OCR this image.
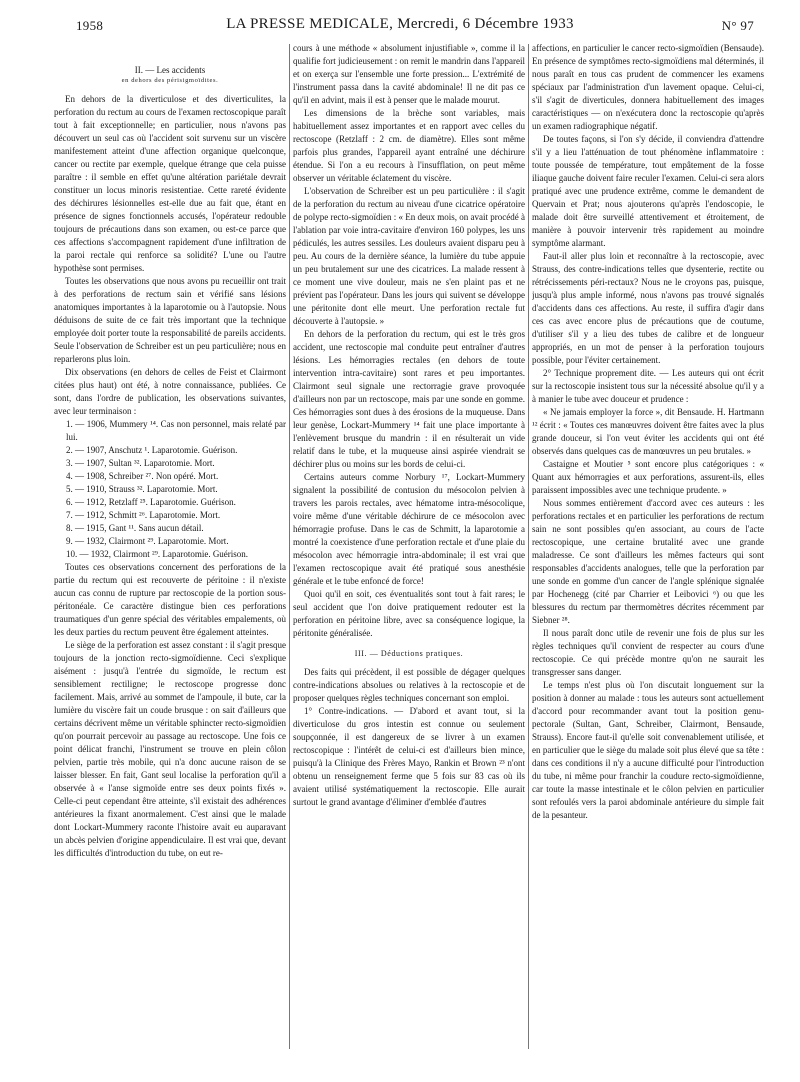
1958	LA PRESSE MEDICALE, Mercredi, 6 Décembre 1933	N° 97
II. — Les accidents
en dehors des périsigmoïdites.

En dehors de la diverticulose et des diverticulites, la perforation du rectum au cours de l'examen rectoscopique paraît tout à fait exceptionnelle; en particulier, nous n'avons pas découvert un seul cas où l'accident soit survenu sur un viscère manifestement atteint d'une affection organique quelconque, cancer ou rectite par exemple, quelque étrange que cela puisse paraître : il semble en effet qu'une altération pariétale devrait constituer un locus minoris resistentiae. Cette rareté évidente des déchirures lésionnelles est-elle due au fait que, étant en présence de signes fonctionnels accusés, l'opérateur redouble toujours de précautions dans son examen, ou est-ce parce que ces affections s'accompagnent rapidement d'une infiltration de la paroi rectale qui renforce sa solidité? L'une ou l'autre hypothèse sont permises.

Toutes les observations que nous avons pu recueillir ont trait à des perforations de rectum sain et vérifié sans lésions anatomiques importantes à la laparotomie ou à l'autopsie. Nous déduisons de suite de ce fait très important que la technique employée doit porter toute la responsabilité de pareils accidents. Seule l'observation de Schreiber est un peu particulière; nous en reparlerons plus loin.

Dix observations (en dehors de celles de Feist et Clairmont citées plus haut) ont été, à notre connaissance, publiées. Ce sont, dans l'ordre de publication, les observations suivantes, avec leur terminaison :

1. — 1906, Mummery ¹⁴. Cas non personnel, mais relaté par lui.

2. — 1907, Anschutz ¹. Laparotomie. Guérison.

3. — 1907, Sultan ³². Laparotomie. Mort.

4. — 1908, Schreiber ²⁷. Non opéré. Mort.

5. — 1910, Strauss ³². Laparotomie. Mort.

6. — 1912, Retzlaff ²⁵. Laparotomie. Guérison.

7. — 1912, Schmitt ²⁶. Laparotomie. Mort.

8. — 1915, Gant ¹¹. Sans aucun détail.

9. — 1932, Clairmont ²⁹. Laparotomie. Mort.

10. — 1932, Clairmont ²⁹. Laparotomie. Guérison.

Toutes ces observations concernent des perforations de la partie du rectum qui est recouverte de péritoine : il n'existe aucun cas connu de rupture par rectoscopie de la portion sous-péritonéale. Ce caractère distingue bien ces perforations traumatiques d'un genre spécial des véritables empalements, où les deux parties du rectum peuvent être également atteintes.

Le siège de la perforation est assez constant : il s'agit presque toujours de la jonction recto-sigmoïdienne. Ceci s'explique aisément : jusqu'à l'entrée du sigmoïde, le rectum est sensiblement rectiligne; le rectoscope progresse donc facilement. Mais, arrivé au sommet de l'ampoule, il bute, car la lumière du viscère fait un coude brusque : on sait d'ailleurs que certains décrivent même un véritable sphincter recto-sigmoïdien qu'on pourrait percevoir au passage au rectoscope. Une fois ce point délicat franchi, l'instrument se trouve en plein côlon pelvien, partie très mobile, qui n'a donc aucune raison de se laisser blesser. En fait, Gant seul localise la perforation qu'il a observée à « l'anse sigmoïde entre ses deux points fixés ». Celle-ci peut cependant être atteinte, s'il existait des adhérences antérieures la fixant anormalement. C'est ainsi que le malade dont Lockart-Mummery raconte l'histoire avait eu auparavant un abcès pelvien d'origine appendiculaire. Il est vrai que, devant les difficultés d'introduction du tube, on eut re-

cours à une méthode « absolument injustifiable », comme il la qualifie fort judicieusement : on remit le mandrin dans l'appareil et on exerça sur l'ensemble une forte pression... L'extrémité de l'instrument passa dans la cavité abdominale! Il ne dit pas ce qu'il en advint, mais il est à penser que le malade mourut.

Les dimensions de la brèche sont variables, mais habituellement assez importantes et en rapport avec celles du rectoscope (Retzlaff : 2 cm. de diamètre). Elles sont même parfois plus grandes, l'appareil ayant entraîné une déchirure étendue. Si l'on a eu recours à l'insufflation, on peut même observer un véritable éclatement du viscère.

L'observation de Schreiber est un peu particulière : il s'agit de la perforation du rectum au niveau d'une cicatrice opératoire de polype recto-sigmoïdien : « En deux mois, on avait procédé à l'ablation par voie intra-cavitaire d'environ 160 polypes, les uns pédiculés, les autres sessiles. Les douleurs avaient disparu peu à peu. Au cours de la dernière séance, la lumière du tube appuie un peu brutalement sur une des cicatrices. La malade ressent à ce moment une vive douleur, mais ne s'en plaint pas et ne prévient pas l'opérateur. Dans les jours qui suivent se développe une péritonite dont elle meurt. Une perforation rectale fut découverte à l'autopsie. »

En dehors de la perforation du rectum, qui est le très gros accident, une rectoscopie mal conduite peut entraîner d'autres lésions. Les hémorragies rectales (en dehors de toute intervention intra-cavitaire) sont rares et peu importantes. Clairmont seul signale une rectorragie grave provoquée d'ailleurs non par un rectoscope, mais par une sonde en gomme. Ces hémorragies sont dues à des érosions de la muqueuse. Dans leur genèse, Lockart-Mummery ¹⁴ fait une place importante à l'enlèvement brusque du mandrin : il en résulterait un vide relatif dans le tube, et la muqueuse ainsi aspirée viendrait se déchirer plus ou moins sur les bords de celui-ci.

Certains auteurs comme Norbury ¹⁷, Lockart-Mummery signalent la possibilité de contusion du mésocolon pelvien à travers les parois rectales, avec hématome intra-mésocolique, voire même d'une véritable déchirure de ce mésocolon avec hémorragie profuse. Dans le cas de Schmitt, la laparotomie a montré la coexistence d'une perforation rectale et d'une plaie du mésocolon avec hémorragie intra-abdominale; il est vrai que l'examen rectoscopique avait été pratiqué sous anesthésie générale et le tube enfoncé de force!

Quoi qu'il en soit, ces éventualités sont tout à fait rares; le seul accident que l'on doive pratiquement redouter est la perforation en péritoine libre, avec sa conséquence logique, la péritonite généralisée.

III. — Déductions pratiques.

Des faits qui précèdent, il est possible de dégager quelques contre-indications absolues ou relatives à la rectoscopie et de proposer quelques règles techniques concernant son emploi.

1° Contre-indications. — D'abord et avant tout, si la diverticulose du gros intestin est connue ou seulement soupçonnée, il est dangereux de se livrer à un examen rectoscopique : l'intérêt de celui-ci est d'ailleurs bien mince, puisqu'à la Clinique des Frères Mayo, Rankin et Brown ²³ n'ont obtenu un renseignement ferme que 5 fois sur 83 cas où ils avaient utilisé systématiquement la rectoscopie. Elle aurait surtout le grand avantage d'éliminer d'emblée d'autres

affections, en particulier le cancer recto-sigmoïdien (Bensaude). En présence de symptômes recto-sigmoïdiens mal déterminés, il nous paraît en tous cas prudent de commencer les examens spéciaux par l'administration d'un lavement opaque. Celui-ci, s'il s'agit de diverticules, donnera habituellement des images caractéristiques — on n'exécutera donc la rectoscopie qu'après un examen radiographique négatif.

De toutes façons, si l'on s'y décide, il conviendra d'attendre s'il y a lieu l'atténuation de tout phénomène inflammatoire : toute poussée de température, tout empâtement de la fosse iliaque gauche doivent faire reculer l'examen. Celui-ci sera alors pratiqué avec une prudence extrême, comme le demandent de Quervain et Prat; nous ajouterons qu'après l'endoscopie, le malade doit être surveillé attentivement et étroitement, de manière à pouvoir intervenir très rapidement au moindre symptôme alarmant.

Faut-il aller plus loin et reconnaître à la rectoscopie, avec Strauss, des contre-indications telles que dysenterie, rectite ou rétrécissements péri-rectaux? Nous ne le croyons pas, puisque, jusqu'à plus ample informé, nous n'avons pas trouvé signalés d'accidents dans ces affections. Au reste, il suffira d'agir dans ces cas avec encore plus de précautions que de coutume, d'utiliser s'il y a lieu des tubes de calibre et de longueur appropriés, en un mot de penser à la perforation toujours possible, pour l'éviter certainement.

2° Technique proprement dite. — Les auteurs qui ont écrit sur la rectoscopie insistent tous sur la nécessité absolue qu'il y a à manier le tube avec douceur et prudence :

« Ne jamais employer la force », dit Bensaude. H. Hartmann ¹² écrit : « Toutes ces manœuvres doivent être faites avec la plus grande douceur, si l'on veut éviter les accidents qui ont été observés dans quelques cas de manœuvres un peu brutales. »

Castaigne et Moutier ⁵ sont encore plus catégoriques : « Quant aux hémorragies et aux perforations, assurent-ils, elles paraissent impossibles avec une technique prudente. »

Nous sommes entièrement d'accord avec ces auteurs : les perforations rectales et en particulier les perforations de rectum sain ne sont possibles qu'en associant, au cours de l'acte rectoscopique, une certaine brutalité avec une grande maladresse. Ce sont d'ailleurs les mêmes facteurs qui sont responsables d'accidents analogues, telle que la perforation par une sonde en gomme d'un cancer de l'angle splénique signalée par Hochenegg (cité par Charrier et Leibovici ⁶) ou que les blessures du rectum par thermomètres décrites récemment par Siebner ²⁸.

Il nous paraît donc utile de revenir une fois de plus sur les règles techniques qu'il convient de respecter au cours d'une rectoscopie. Ce qui précède montre qu'on ne saurait les transgresser sans danger.

Le temps n'est plus où l'on discutait longuement sur la position à donner au malade : tous les auteurs sont actuellement d'accord pour recommander avant tout la position genu-pectorale (Sultan, Gant, Schreiber, Clairmont, Bensaude, Strauss). Encore faut-il qu'elle soit convenablement utilisée, et en particulier que le siège du malade soit plus élevé que sa tête : dans ces conditions il n'y a aucune difficulté pour l'introduction du tube, ni même pour franchir la coudure recto-sigmoïdienne, car toute la masse intestinale et le côlon pelvien en particulier sont refoulés vers la paroi abdominale antérieure du simple fait de la pesanteur.
